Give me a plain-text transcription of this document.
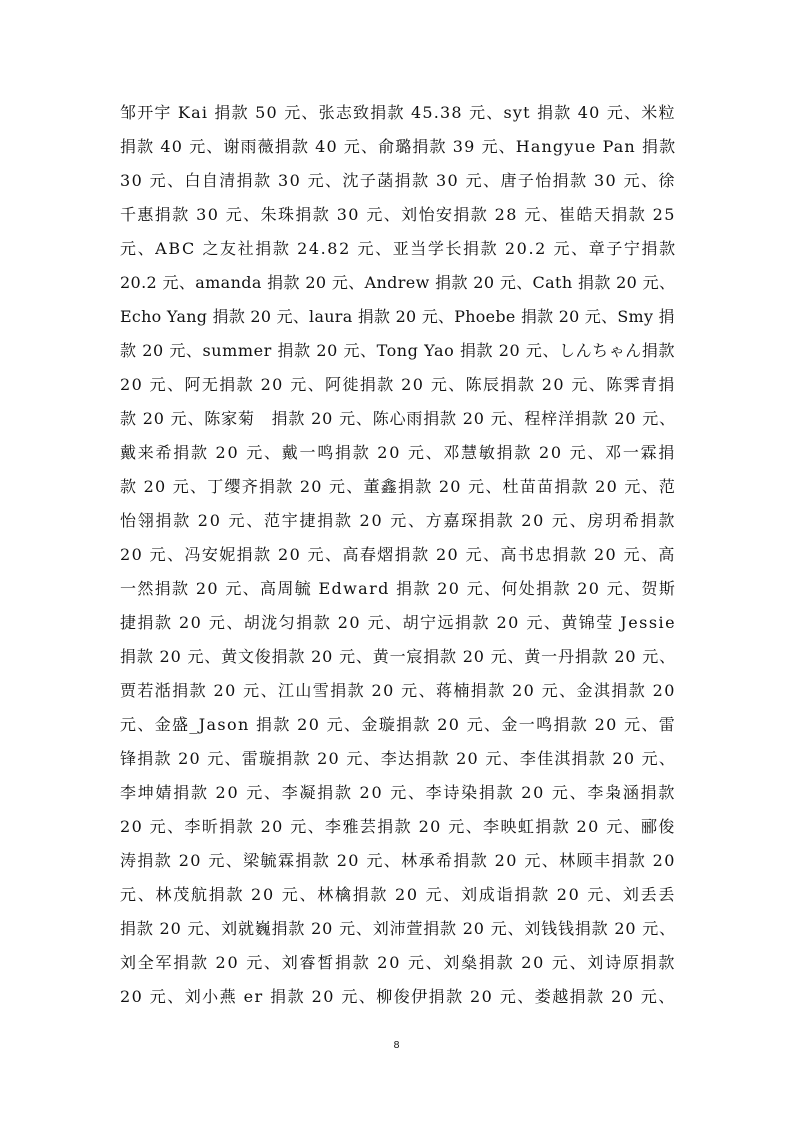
邹开宇 Kai 捐款 50 元、张志致捐款 45.38 元、syt 捐款 40 元、米粒
捐款 40 元、谢雨薇捐款 40 元、俞璐捐款 39 元、Hangyue Pan 捐款
30 元、白自清捐款 30 元、沈子菡捐款 30 元、唐子怡捐款 30 元、徐
千惠捐款 30 元、朱珠捐款 30 元、刘怡安捐款 28 元、崔皓天捐款 25
元、ABC 之友社捐款 24.82 元、亚当学长捐款 20.2 元、章子宁捐款
20.2 元、amanda 捐款 20 元、Andrew 捐款 20 元、Cath 捐款 20 元、
Echo Yang 捐款 20 元、laura 捐款 20 元、Phoebe 捐款 20 元、Smy 捐
款 20 元、summer 捐款 20 元、Tong Yao 捐款 20 元、しんちゃん捐款
20 元、阿无捐款 20 元、阿徙捐款 20 元、陈辰捐款 20 元、陈霁青捐
款 20 元、陈家菊　捐款 20 元、陈心雨捐款 20 元、程梓洋捐款 20 元、
戴来希捐款 20 元、戴一鸣捐款 20 元、邓慧敏捐款 20 元、邓一霖捐
款 20 元、丁缨齐捐款 20 元、董鑫捐款 20 元、杜苗苗捐款 20 元、范
怡翎捐款 20 元、范宇捷捐款 20 元、方嘉琛捐款 20 元、房玥希捐款
20 元、冯安妮捐款 20 元、高春熠捐款 20 元、高书忠捐款 20 元、高
一然捐款 20 元、高周毓 Edward 捐款 20 元、何处捐款 20 元、贺斯
捷捐款 20 元、胡泷匀捐款 20 元、胡宁远捐款 20 元、黄锦莹 Jessie
捐款 20 元、黄文俊捐款 20 元、黄一宸捐款 20 元、黄一丹捐款 20 元、
贾若湉捐款 20 元、江山雪捐款 20 元、蒋楠捐款 20 元、金淇捐款 20
元、金盛_Jason 捐款 20 元、金璇捐款 20 元、金一鸣捐款 20 元、雷
锋捐款 20 元、雷璇捐款 20 元、李达捐款 20 元、李佳淇捐款 20 元、
李坤婧捐款 20 元、李凝捐款 20 元、李诗染捐款 20 元、李枭涵捐款
20 元、李昕捐款 20 元、李雅芸捐款 20 元、李映虹捐款 20 元、郦俊
涛捐款 20 元、梁毓霖捐款 20 元、林承希捐款 20 元、林顾丰捐款 20
元、林茂航捐款 20 元、林檎捐款 20 元、刘成诣捐款 20 元、刘丢丢
捐款 20 元、刘就巍捐款 20 元、刘沛萱捐款 20 元、刘钱钱捐款 20 元、
刘全军捐款 20 元、刘睿皙捐款 20 元、刘燊捐款 20 元、刘诗原捐款
20 元、刘小燕 er 捐款 20 元、柳俊伊捐款 20 元、娄越捐款 20 元、
8
